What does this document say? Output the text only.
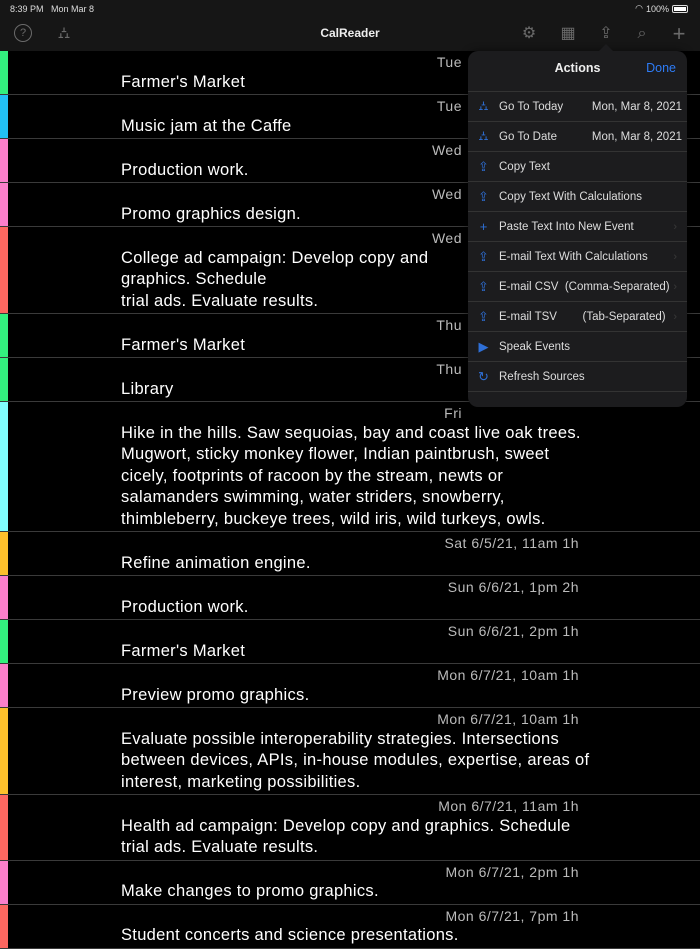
8:39 PM Mon Mar 8	◠ 100%
?	⛼	CalReader	⚙ ▦ ⇪	⌕ +
Tue
Farmer's Market
Tue
Music jam at the Caffe
Wed
Production work.
Wed
Promo graphics design.
Wed
College ad campaign: Develop copy and graphics. Schedule
trial ads. Evaluate results.
Thu
Farmer's Market
Thu
Library
Fri
Hike in the hills. Saw sequoias, bay and coast live oak trees.
Mugwort, sticky monkey flower, Indian paintbrush, sweet
cicely, footprints of racoon by the stream, newts or
salamanders swimming, water striders, snowberry,
thimbleberry, buckeye trees, wild iris, wild turkeys, owls.
Sat 6/5/21, 11am 1h
Refine animation engine.
Sun 6/6/21, 1pm 2h
Production work.
Sun 6/6/21, 2pm 1h
Farmer's Market
Mon 6/7/21, 10am 1h
Preview promo graphics.
Mon 6/7/21, 10am 1h
Evaluate possible interoperability strategies. Intersections
between devices, APIs, in-house modules, expertise, areas of
interest, marketing possibilities.
Mon 6/7/21, 11am 1h
Health ad campaign: Develop copy and graphics. Schedule
trial ads. Evaluate results.
Mon 6/7/21, 2pm 1h
Make changes to promo graphics.
Mon 6/7/21, 7pm 1h
Student concerts and science presentations.
Actions	Done
⛼ Go To Today Mon, Mar 8, 2021
⛼ Go To Date	Mon, Mar 8, 2021
⇪ Copy Text
⇪ Copy Text With Calculations
+	Paste Text Into New Event	›
⇪ E-mail Text With Calculations ›
⇪ E-mail CSV  (Comma-Separated) ›
⇪ E-mail TSV        (Tab-Separated) ›
▶ Speak Events
↻ Refresh Sources
